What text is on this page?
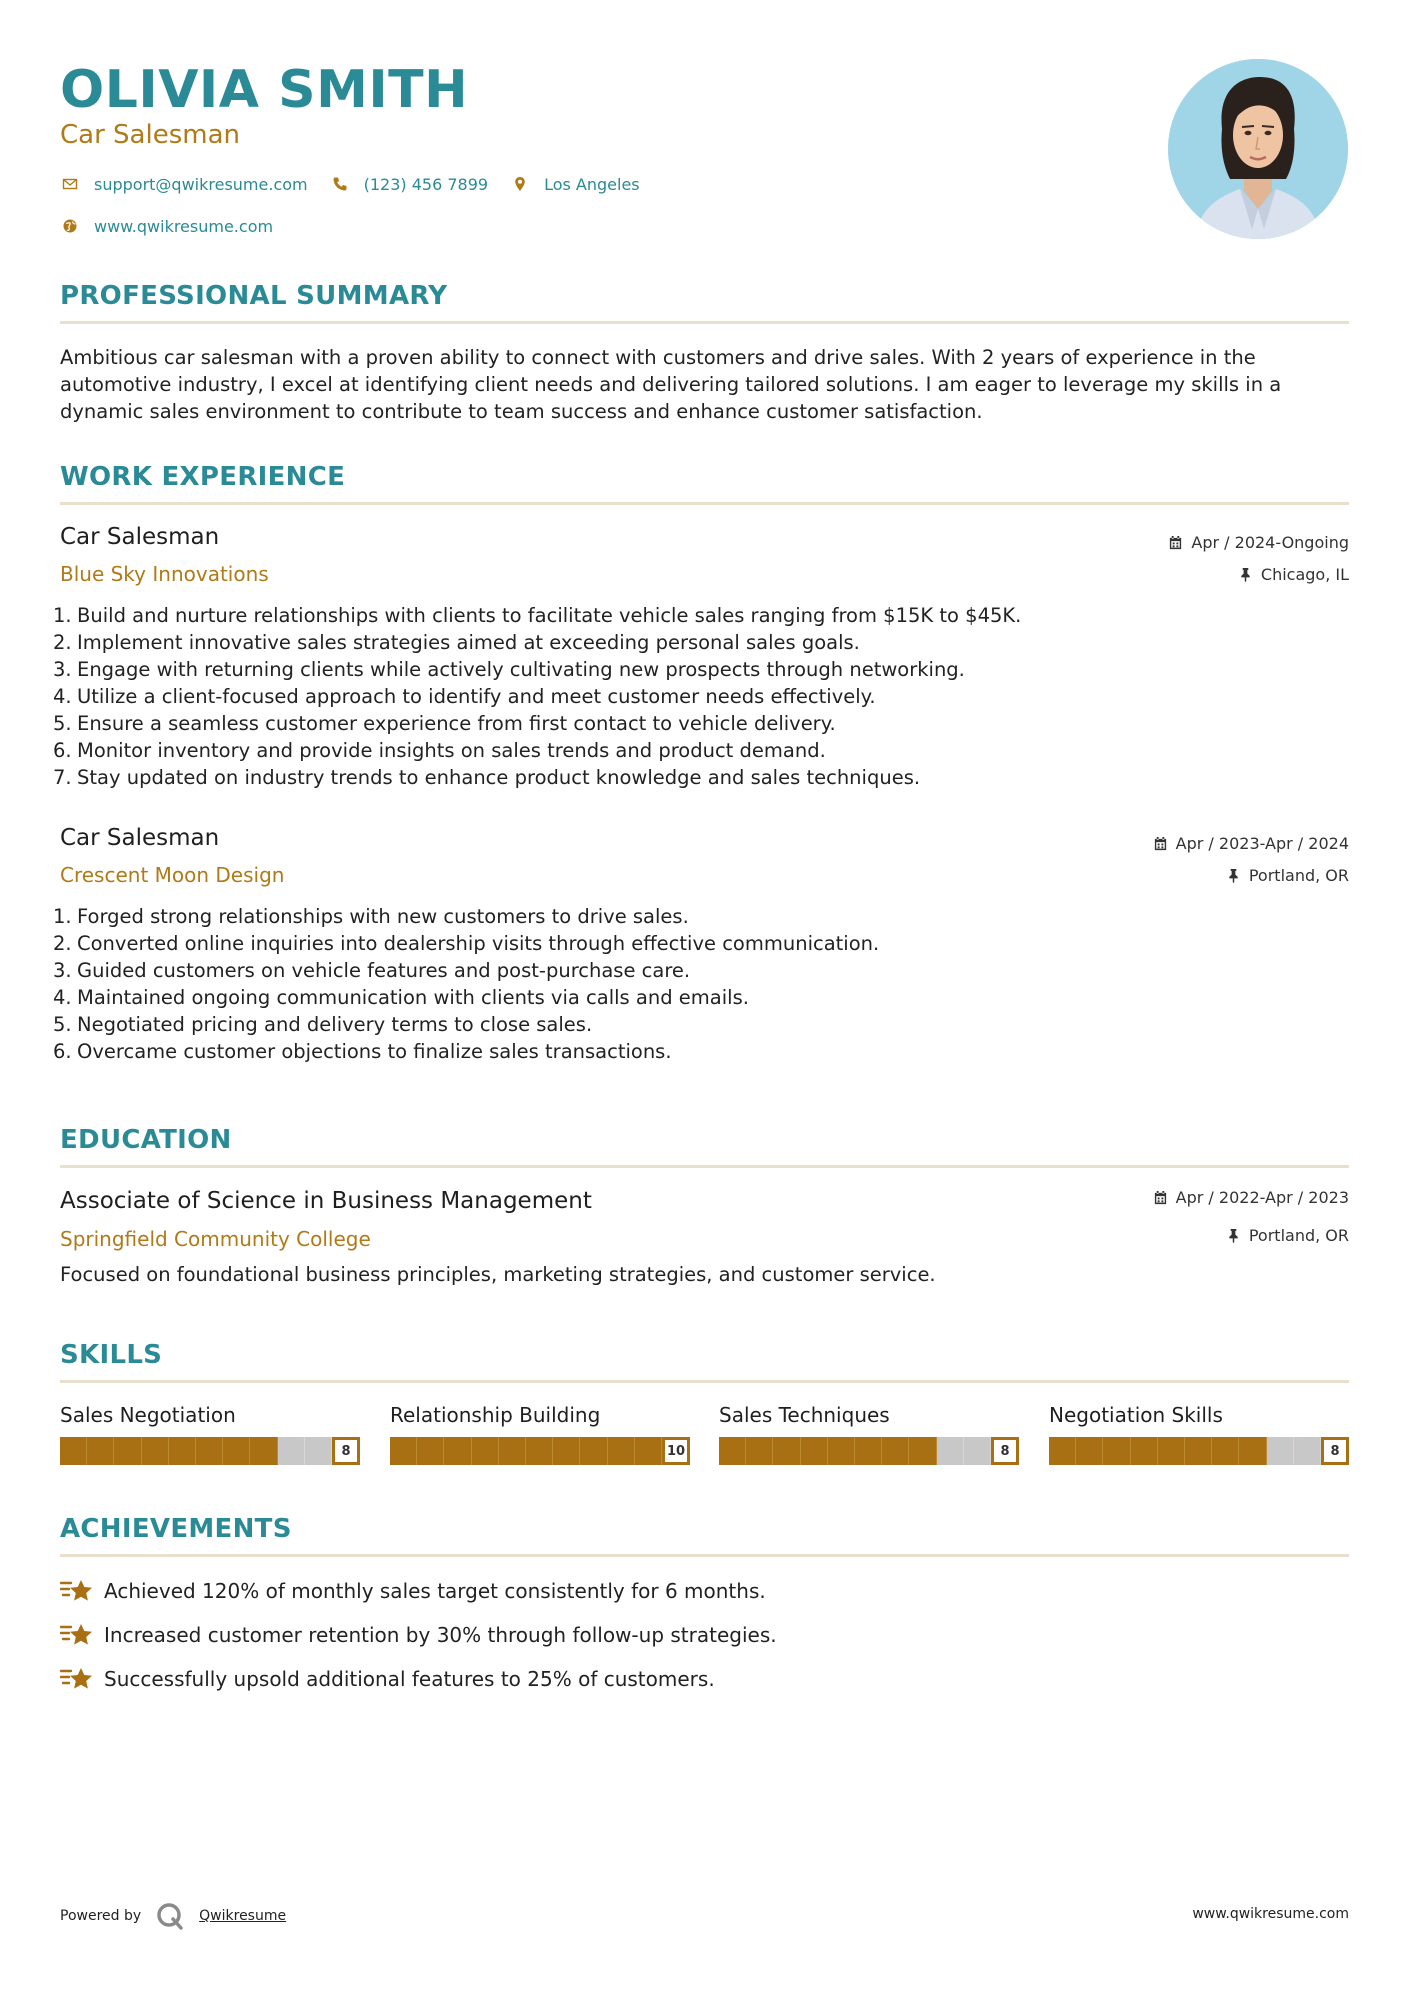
OLIVIA SMITH
Car Salesman
support@qwikresume.com	(123) 456 7899	Los Angeles
www.qwikresume.com
PROFESSIONAL SUMMARY

Ambitious car salesman with a proven ability to connect with customers and drive sales. With 2 years of experience in the automotive industry, I excel at identifying client needs and delivering tailored solutions. I am eager to leverage my skills in a dynamic sales environment to contribute to team success and enhance customer satisfaction.

WORK EXPERIENCE
Car Salesman
Blue Sky Innovations
Apr / 2024-Ongoing
Chicago, IL
1. Build and nurture relationships with clients to facilitate vehicle sales ranging from $15K to $45K.
2. Implement innovative sales strategies aimed at exceeding personal sales goals.
3. Engage with returning clients while actively cultivating new prospects through networking.
4. Utilize a client-focused approach to identify and meet customer needs effectively.
5. Ensure a seamless customer experience from first contact to vehicle delivery.
6. Monitor inventory and provide insights on sales trends and product demand.
7. Stay updated on industry trends to enhance product knowledge and sales techniques.
Car Salesman
Crescent Moon Design
Apr / 2023-Apr / 2024
Portland, OR
1. Forged strong relationships with new customers to drive sales.
2. Converted online inquiries into dealership visits through effective communication.
3. Guided customers on vehicle features and post-purchase care.
4. Maintained ongoing communication with clients via calls and emails.
5. Negotiated pricing and delivery terms to close sales.
6. Overcame customer objections to finalize sales transactions.
EDUCATION
Associate of Science in Business Management
Springfield Community College
Apr / 2022-Apr / 2023
Portland, OR
Focused on foundational business principles, marketing strategies, and customer service.
SKILLS
Sales Negotiation
8
Relationship Building
10
Sales Techniques
8
Negotiation Skills
8
ACHIEVEMENTS
Achieved 120% of monthly sales target consistently for 6 months.
Increased customer retention by 30% through follow-up strategies.
Successfully upsold additional features to 25% of customers.
Powered by	Qwikresume	www.qwikresume.com
